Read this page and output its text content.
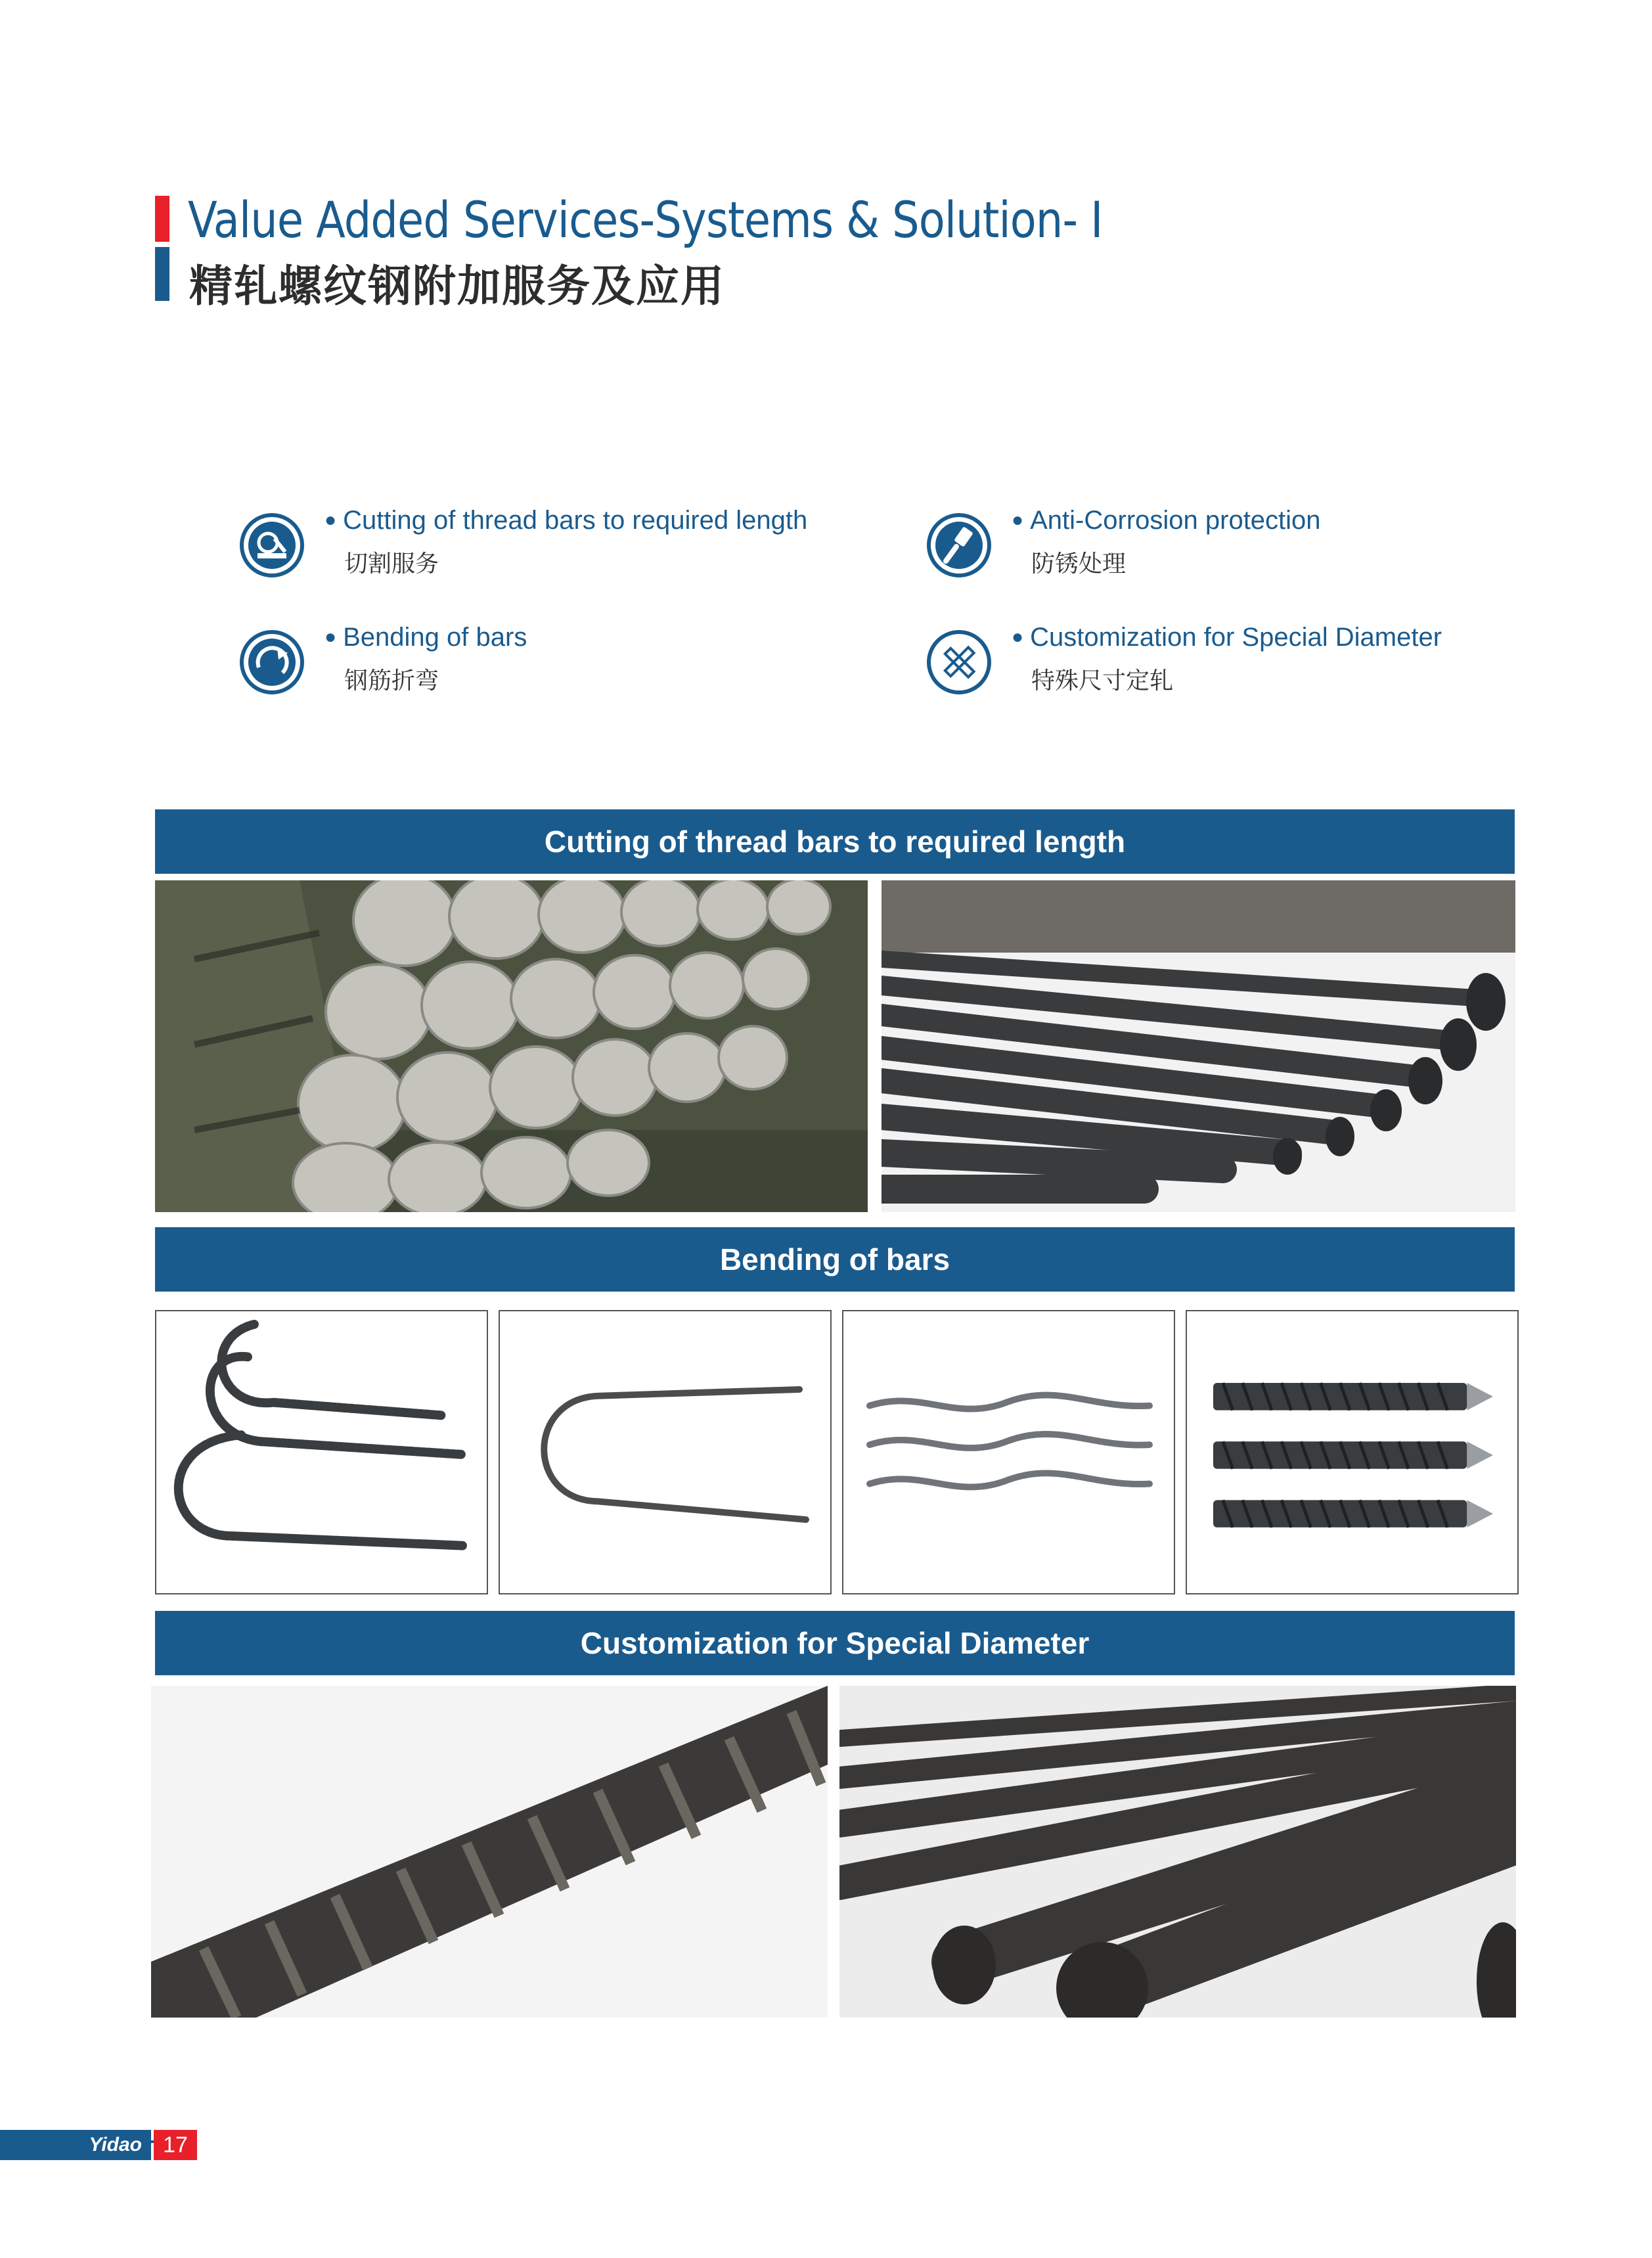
Value Added Services-Systems & Solution- Ⅰ
精轧螺纹钢附加服务及应用
● Cutting of thread bars to required length
切割服务
● Anti-Corrosion protection
防锈处理
● Bending of bars
钢筋折弯
● Customization for Special Diameter
特殊尺寸定轧
Cutting of thread bars to required length
Bending of bars
Customization for Special Diameter
Yidao 17
